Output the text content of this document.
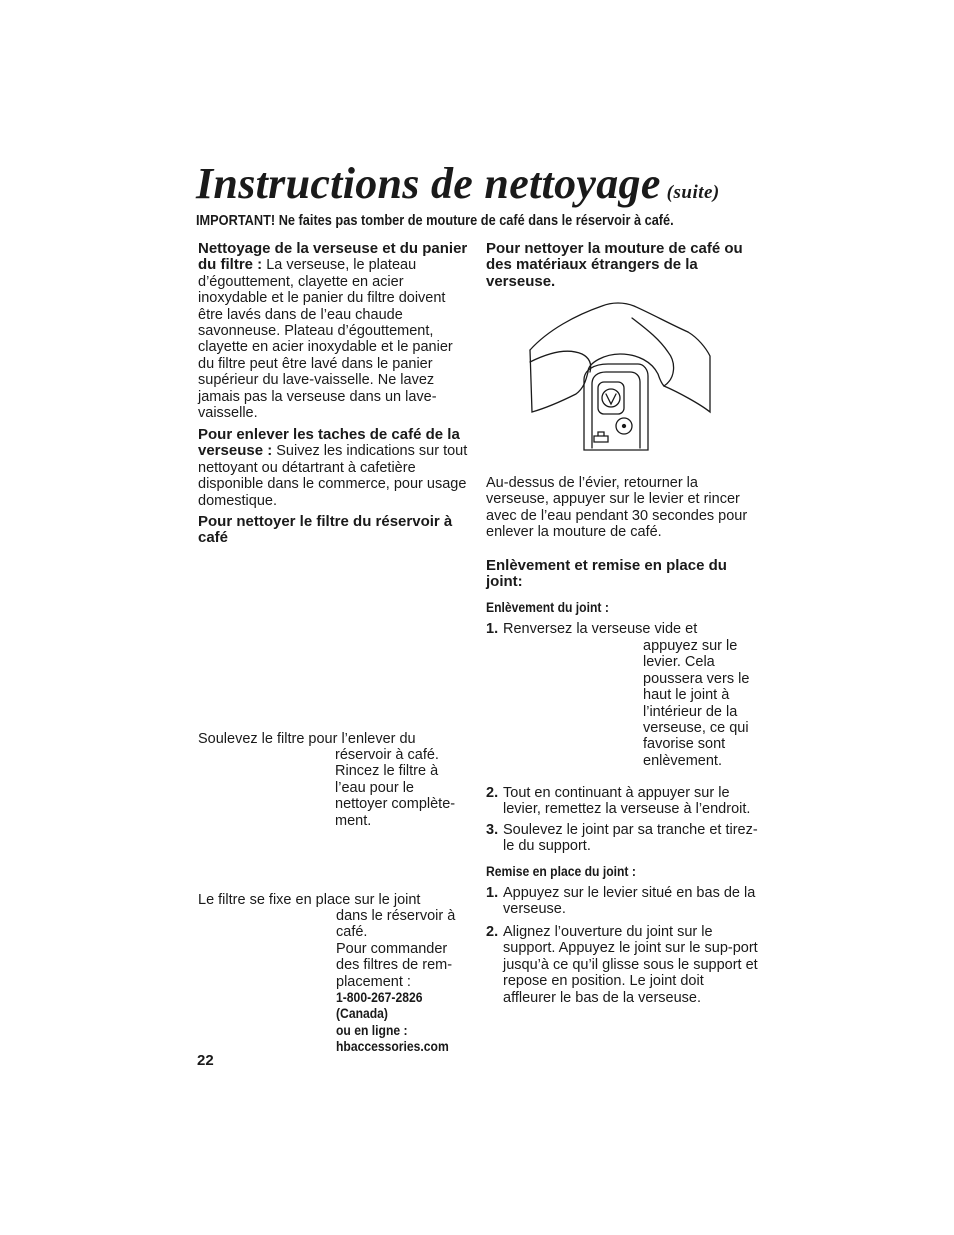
Instructions de nettoyage (suite)
IMPORTANT! Ne faites pas tomber de mouture de café dans le réservoir à café.

Nettoyage de la verseuse et du panier du filtre : La verseuse, le plateau d’égouttement, clayette en acier inoxydable et le panier du filtre doivent être lavés dans de l’eau chaude savonneuse. Plateau d’égouttement, clayette en acier inoxydable et le panier du filtre peut être lavé dans le panier supérieur du lave-vaisselle. Ne lavez jamais pas la verseuse dans un lave-vaisselle.

Pour enlever les taches de café de la verseuse : Suivez les indications sur tout nettoyant ou détartrant à cafetière disponible dans le commerce, pour usage domestique.

Pour nettoyer le filtre du réservoir à café

Soulevez le filtre pour l’enlever du
réservoir à café. Rincez le filtre à l’eau pour le nettoyer complète-ment.
Le filtre se fixe en place sur le joint

dans le réservoir à café.

Pour commander des filtres de rem-placement :

1-800-267-2826

(Canada)

ou en ligne :

hbaccessories.com

22

Pour nettoyer la mouture de café ou des matériaux étrangers de la verseuse.

Au-dessus de l’évier, retourner la verseuse, appuyer sur le levier et rincer avec de l’eau pendant 30 secondes pour enlever la mouture de café.

Enlèvement et remise en place du joint:

Enlèvement du joint :

1. Renversez la verseuse vide et
appuyez sur le levier. Cela poussera vers le haut le joint à l’intérieur de la verseuse, ce qui favorise sont enlèvement.
2. Tout en continuant à appuyer sur le levier, remettez la verseuse à l’endroit.
3. Soulevez le joint par sa tranche et tirez-le du support.

Remise en place du joint :

1. Appuyez sur le levier situé en bas de la verseuse.
2. Alignez l’ouverture du joint sur le support. Appuyez le joint sur le sup-port jusqu’à ce qu’il glisse sous le support et repose en position. Le joint doit affleurer le bas de la verseuse.
